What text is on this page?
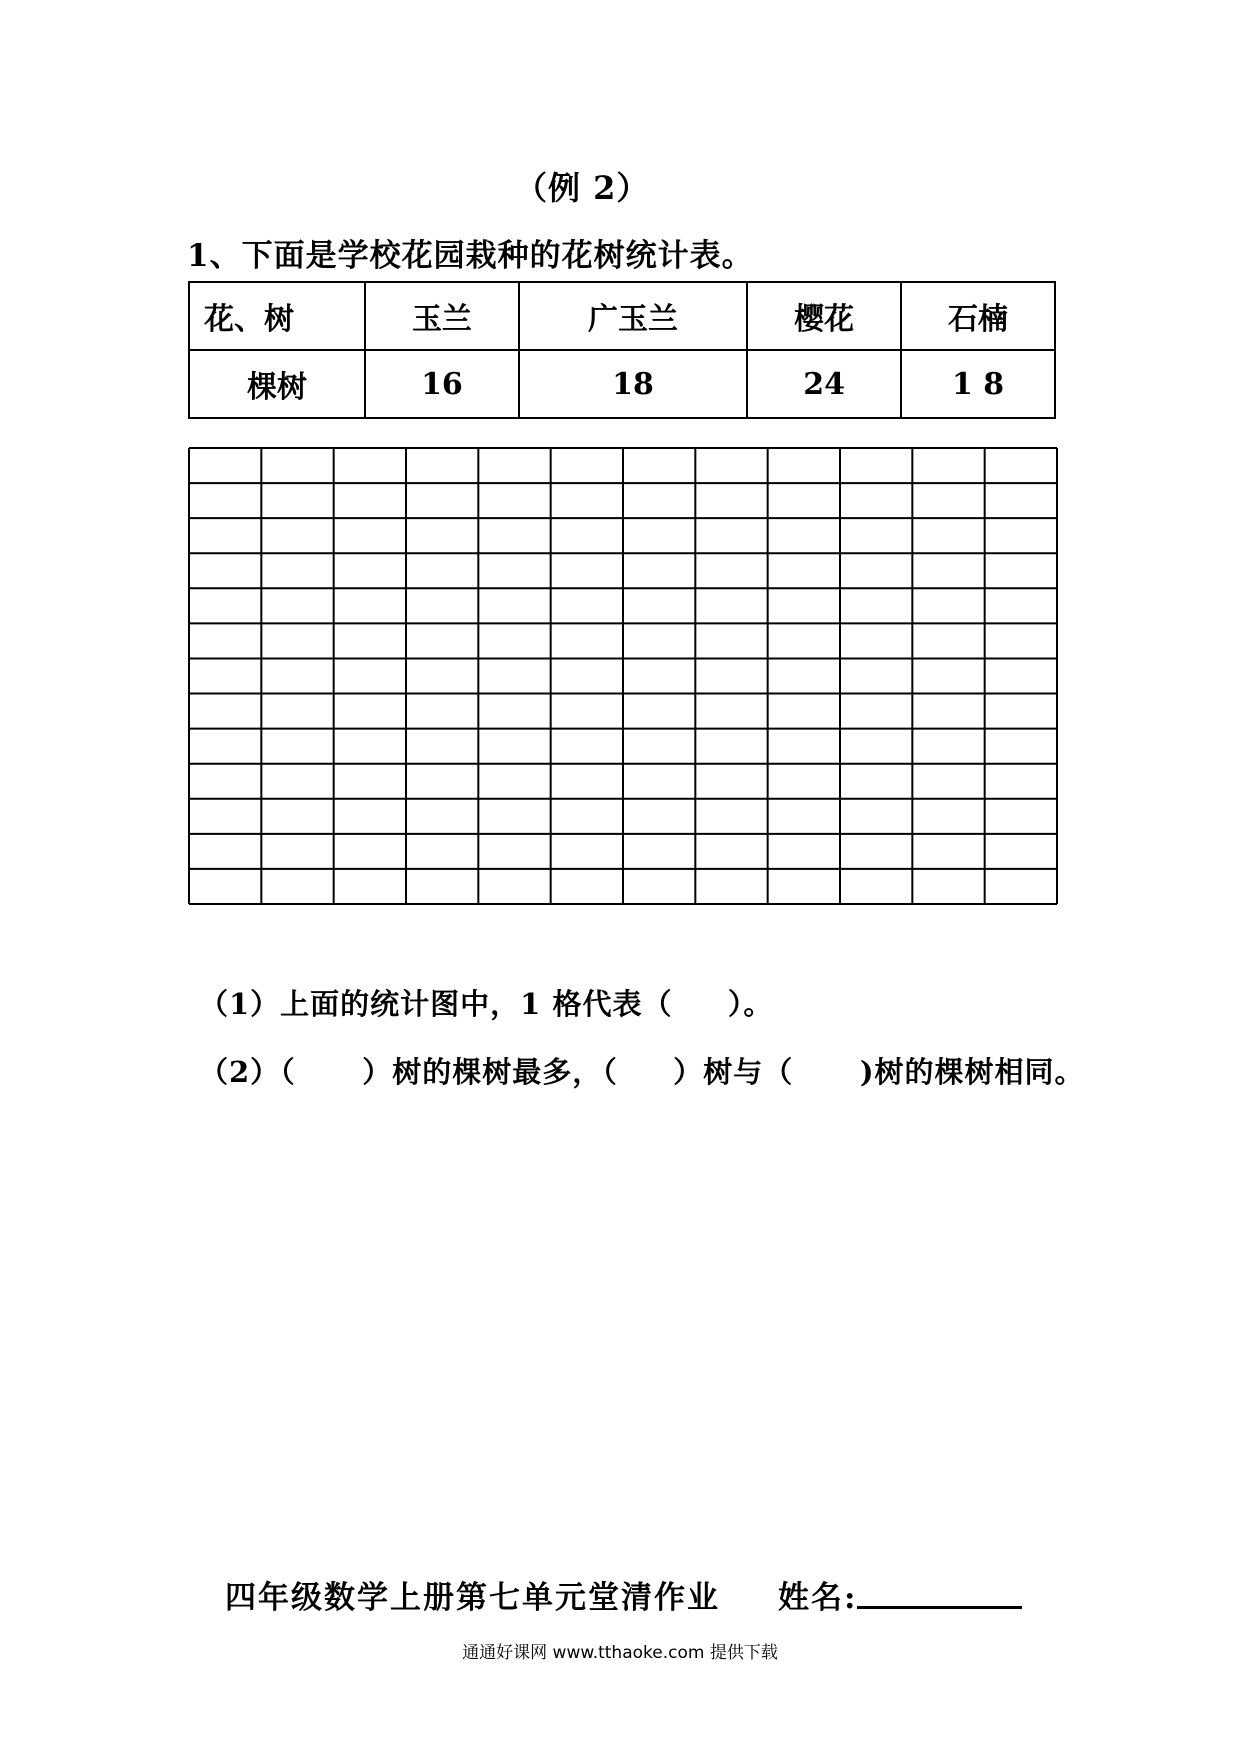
（例 2）
1、下面是学校花园栽种的花树统计表。
花、树	玉兰	广玉兰	樱花	石楠
棵树	16	18	24	1 8
（1）上面的统计图中，1 格代表（     ）。
（2）（      ）树的棵树最多，（     ）树与（      )树的棵树相同。
四年级数学上册第七单元堂清作业 姓名:
通通好课网 www.tthaoke.com 提供下载
